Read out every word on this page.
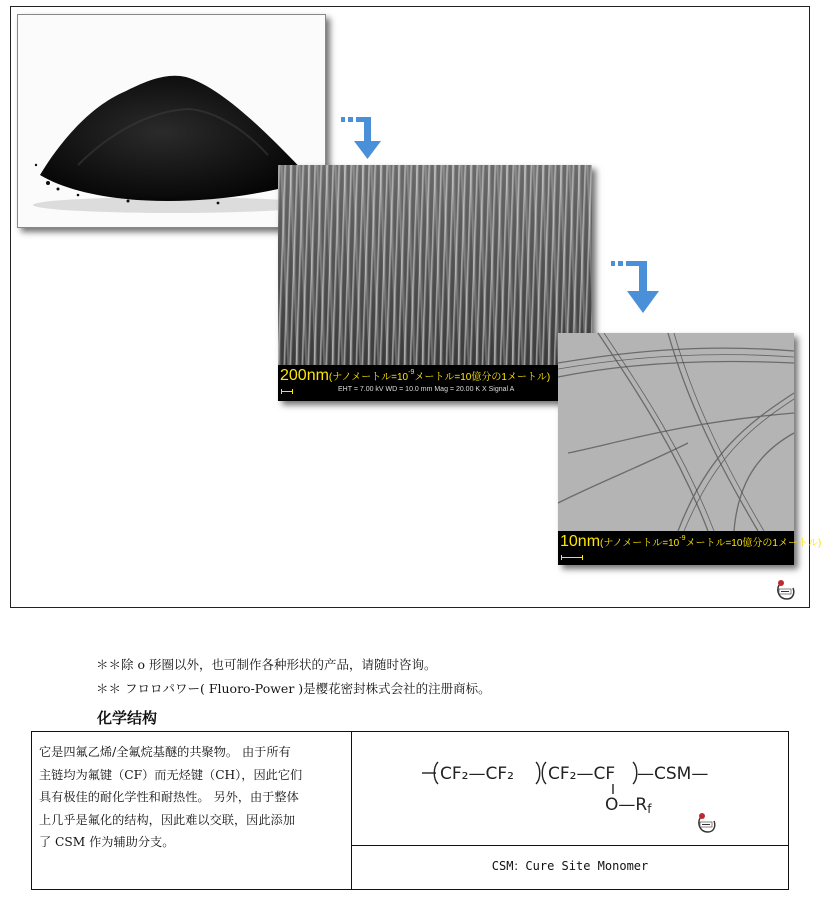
200nm(ナノメートル$=10^{-9}$メートル=10億分の1メートル)
EHT = 7.00 kV WD = 10.0 mm Mag = 20.00 K X Signal A
10nm(ナノメートル$=10^{-9}$メートル=10億分の1メートル)
＊＊除 o 形圈以外，也可制作各种形状的产品，请随时咨询。
＊＊ フロロパワー( Fluoro-Power )是樱花密封株式会社的注册商标。
化学结构
它是四氟乙烯/全氟烷基醚的共聚物。 由于所有
主链均为氟键（CF）而无烃键（CH），因此它们
具有极佳的耐化学性和耐热性。 另外，由于整体
上几乎是氟化的结构，因此难以交联，因此添加
了 CSM 作为辅助分支。
CF₂—CF₂ CF₂—CF —CSM—
O—Rf
CSM：Cure Site Monomer
